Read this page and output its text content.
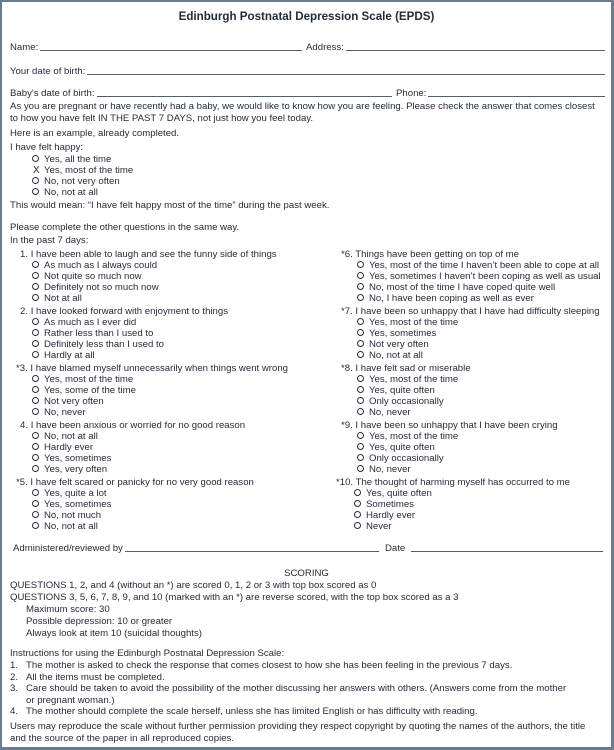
Edinburgh Postnatal Depression Scale (EPDS)
Name:	Address:
Your date of birth:
Baby's date of birth:	Phone:
As you are pregnant or have recently had a baby, we would like to know how you are feeling. Please check the answer that comes closest to how you have felt IN THE PAST 7 DAYS, not just how you feel today.
Here is an example, already completed.
I have felt happy:
Yes, all the time
X Yes, most of the time
No, not very often
No, not at all
This would mean: “I have felt happy most of the time” during the past week.
Please complete the other questions in the same way.
In the past 7 days:
Administered/reviewed by	Date
SCORING
QUESTIONS 1, 2, and 4 (without an *) are scored 0, 1, 2 or 3 with top box scored as 0
QUESTIONS 3, 5, 6, 7, 8, 9, and 10 (marked with an *) are reverse scored, with the top box scored as a 3
Maximum score: 30
Possible depression: 10 or greater
Always look at item 10 (suicidal thoughts)
Instructions for using the Edinburgh Postnatal Depression Scale:
1. The mother is asked to check the response that comes closest to how she has been feeling in the previous 7 days.
2. All the items must be completed.
3. Care should be taken to avoid the possibility of the mother discussing her answers with others. (Answers come from the mother or pregnant woman.)
4. The mother should complete the scale herself, unless she has limited English or has difficulty with reading.
Users may reproduce the scale without further permission providing they respect copyright by quoting the names of the authors, the title and the source of the paper in all reproduced copies.
1. I have been able to laugh and see the funny side of things
As much as I always could
Not quite so much now
Definitely not so much now
Not at all
2. I have looked forward with enjoyment to things
As much as I ever did
Rather less than I used to
Definitely less than I used to
Hardly at all
*3. I have blamed myself unnecessarily when things went wrong
Yes, most of the time
Yes, some of the time
Not very often
No, never
4. I have been anxious or worried for no good reason
No, not at all
Hardly ever
Yes, sometimes
Yes, very often
*5. I have felt scared or panicky for no very good reason
Yes, quite a lot
Yes, sometimes
No, not much
No, not at all
*6. Things have been getting on top of me
Yes, most of the time I haven’t been able to cope at all
Yes, sometimes I haven’t been coping as well as usual
No, most of the time I have coped quite well
No, I have been coping as well as ever
*7. I have been so unhappy that I have had difficulty sleeping
Yes, most of the time
Yes, sometimes
Not very often
No, not at all
*8. I have felt sad or miserable
Yes, most of the time
Yes, quite often
Only occasionally
No, never
*9. I have been so unhappy that I have been crying
Yes, most of the time
Yes, quite often
Only occasionally
No, never
*10. The thought of harming myself has occurred to me
Yes, quite often
Sometimes
Hardly ever
Never
